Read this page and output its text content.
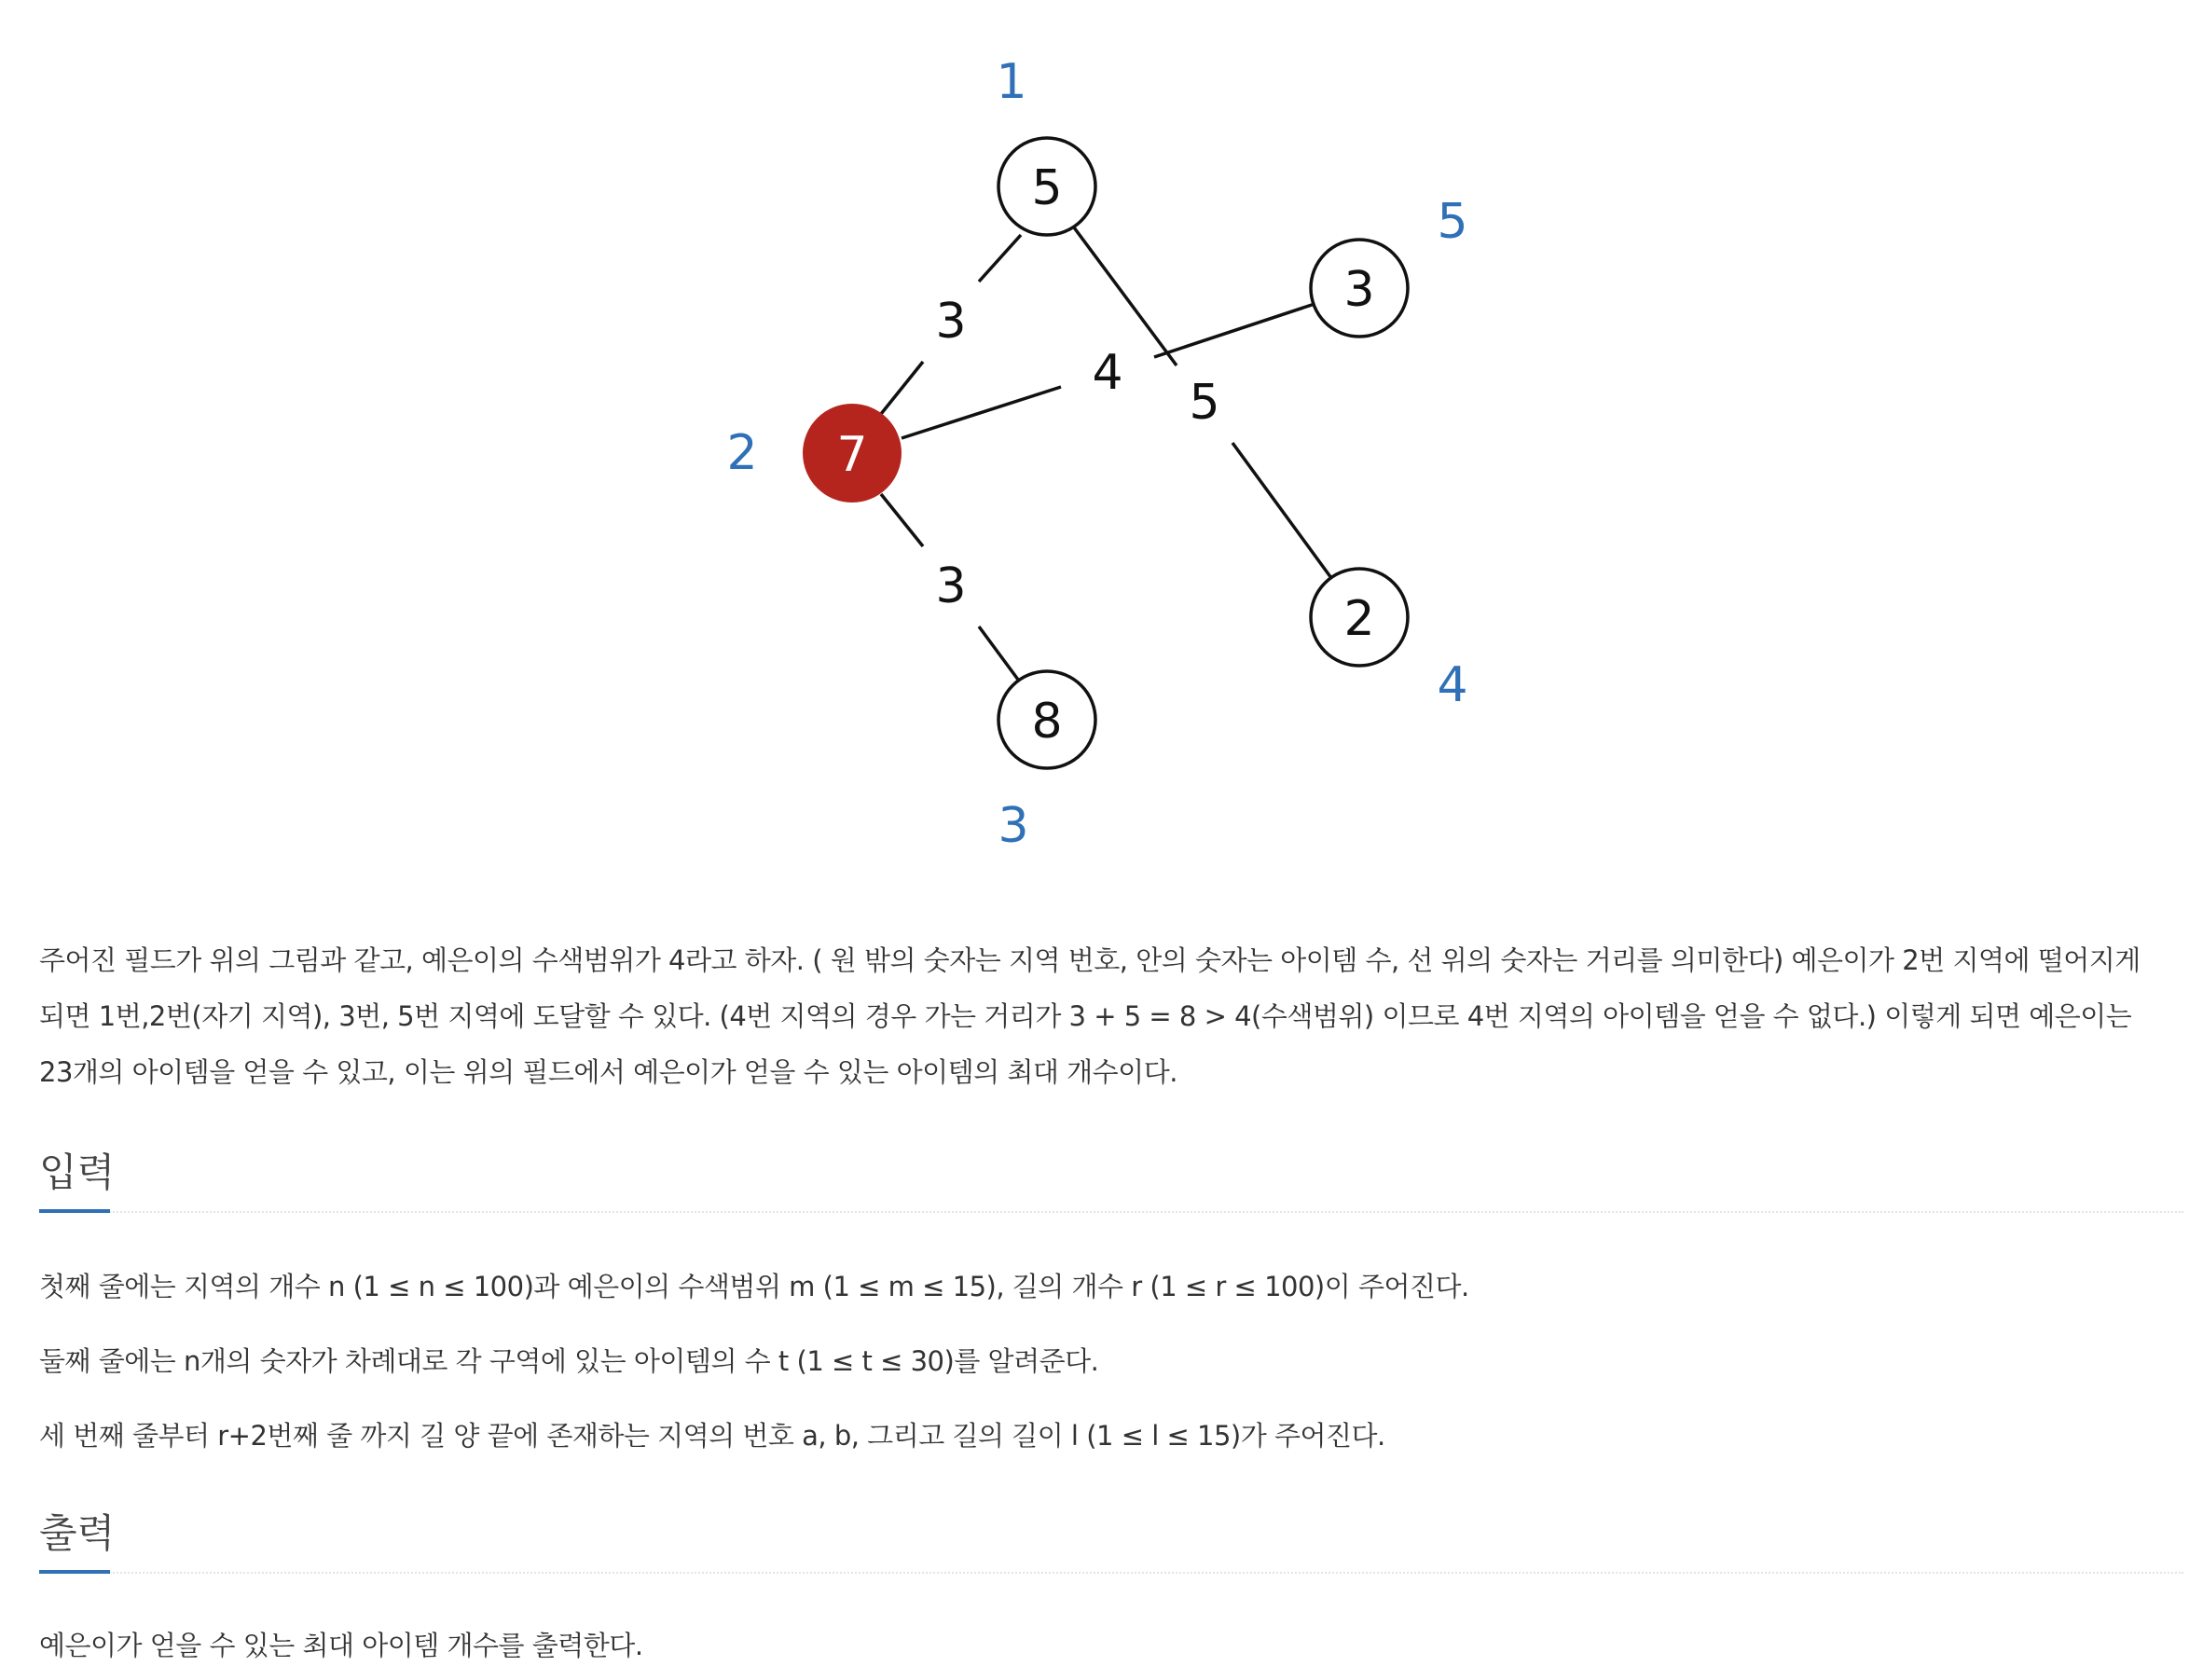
5
7
8
2
3
3
4
5
3
1
2
3
4
5

주어진 필드가 위의 그림과 같고, 예은이의 수색범위가 4라고 하자. ( 원 밖의 숫자는 지역 번호, 안의 숫자는 아이템 수, 선 위의 숫자는 거리를 의미한다) 예은이가 2번 지역에 떨어지게 되면 1번,2번(자기 지역), 3번, 5번 지역에 도달할 수 있다. (4번 지역의 경우 가는 거리가 3 + 5 = 8 > 4(수색범위) 이므로 4번 지역의 아이템을 얻을 수 없다.) 이렇게 되면 예은이는 23개의 아이템을 얻을 수 있고, 이는 위의 필드에서 예은이가 얻을 수 있는 아이템의 최대 개수이다.

입력

첫째 줄에는 지역의 개수 n (1 ≤ n ≤ 100)과 예은이의 수색범위 m (1 ≤ m ≤ 15), 길의 개수 r (1 ≤ r ≤ 100)이 주어진다.

둘째 줄에는 n개의 숫자가 차례대로 각 구역에 있는 아이템의 수 t (1 ≤ t ≤ 30)를 알려준다.

세 번째 줄부터 r+2번째 줄 까지 길 양 끝에 존재하는 지역의 번호 a, b, 그리고 길의 길이 l (1 ≤ l ≤ 15)가 주어진다.

출력

예은이가 얻을 수 있는 최대 아이템 개수를 출력한다.
